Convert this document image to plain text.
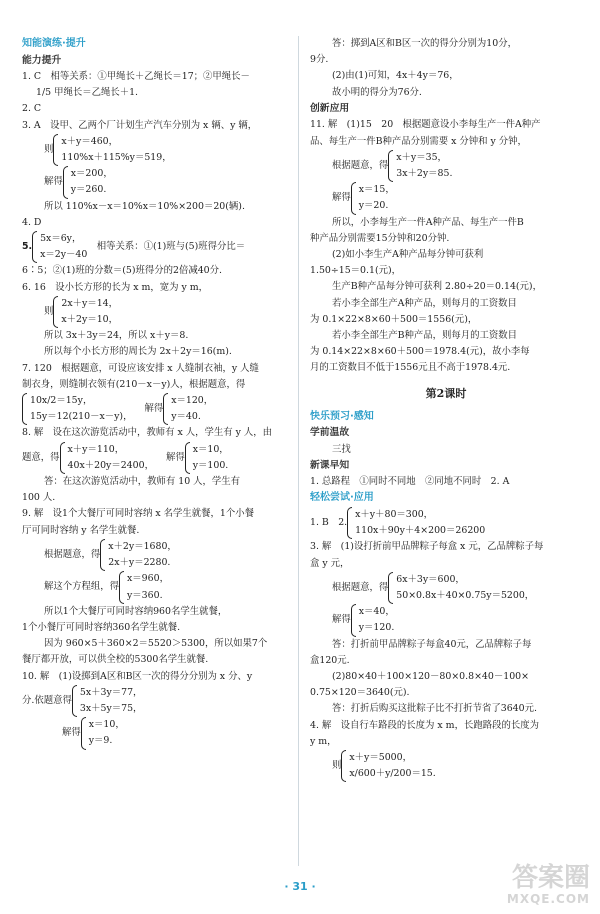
知能演练·提升
能力提升
1. C　相等关系：①甲绳长＋乙绳长＝17；②甲绳长－
1/5 甲绳长＝乙绳长＋1.
2. C
3. A　设甲、乙两个厂计划生产汽车分别为 x 辆、y 辆，
则
x＋y＝460，
110%x＋115%y＝519，
解得
x＝200，
y＝260.
所以 110%x－x＝10%x＝10%×200＝20(辆).
4. D
5.
5x＝6y，
x＝2y－40
　相等关系：①(1)班与(5)班得分比＝
6∶5；②(1)班的分数＝(5)班得分的2倍减40分.
6. 16　设小长方形的长为 x m，宽为 y m，
则
2x＋y＝14，
x＋2y＝10，
所以 3x＋3y＝24，所以 x＋y＝8.
所以每个小长方形的周长为 2x＋2y＝16(m).
7. 120　根据题意，可设应该安排 x 人缝制衣袖，y 人缝
制衣身，则缝制衣领有(210－x－y)人，根据题意，得
10x/2＝15y，
15y＝12(210－x－y)，
解得
x＝120，
y＝40.
8. 解　设在这次游览活动中，教师有 x 人，学生有 y 人，由
题意，得
x＋y＝110，
40x＋20y＝2400，
解得
x＝10，
y＝100.
答：在这次游览活动中，教师有 10 人，学生有
100 人.
9. 解　设1个大餐厅可同时容纳 x 名学生就餐，1个小餐
厅可同时容纳 y 名学生就餐.
根据题意，得
x＋2y＝1680，
2x＋y＝2280.
解这个方程组，得
x＝960，
y＝360.
所以1个大餐厅可同时容纳960名学生就餐，
1个小餐厅可同时容纳360名学生就餐.
因为 960×5＋360×2＝5520＞5300，所以如果7个
餐厅都开放，可以供全校的5300名学生就餐.
10. 解　(1)设掷到A区和B区一次的得分分别为 x 分、y
分.依题意得
5x＋3y＝77，
3x＋5y＝75，
解得
x＝10，
y＝9.
答：掷到A区和B区一次的得分分别为10分，
9分.
(2)由(1)可知，4x＋4y＝76，
故小明的得分为76分.
创新应用
11. 解　(1)15　20　根据题意设小李每生产一件A种产
品、每生产一件B种产品分别需要 x 分钟和 y 分钟，
根据题意，得
x＋y＝35，
3x＋2y＝85.
解得
x＝15，
y＝20.
所以，小李每生产一件A种产品、每生产一件B
种产品分别需要15分钟和20分钟.
(2)如小李生产A种产品每分钟可获利
1.50÷15＝0.1(元)，
生产B种产品每分钟可获利 2.80÷20＝0.14(元)，
若小李全部生产A种产品，则每月的工资数目
为 0.1×22×8×60＋500＝1556(元)，
若小李全部生产B种产品，则每月的工资数目
为 0.14×22×8×60＋500＝1978.4(元)，故小李每
月的工资数目不低于1556元且不高于1978.4元.
第2课时
快乐预习·感知
学前温故
三找
新课早知
1. 总路程　①同时不同地　②同地不同时　2. A
轻松尝试·应用
1. B　2.
x＋y＋80＝300，
110x＋90y＋4×200＝26200
3. 解　(1)设打折前甲品牌粽子每盒 x 元，乙品牌粽子每
盒 y 元，
根据题意，得
6x＋3y＝600，
50×0.8x＋40×0.75y＝5200，
解得
x＝40，
y＝120.
答：打折前甲品牌粽子每盒40元，乙品牌粽子每
盒120元.
(2)80×40＋100×120－80×0.8×40－100×
0.75×120＝3640(元).
答：打折后购买这批粽子比不打折节省了3640元.
4. 解　设自行车路段的长度为 x m，长跑路段的长度为
y m，
则
x＋y＝5000，
x/600＋y/200＝15.
· 31 ·	答案圈
MXQE.COM
